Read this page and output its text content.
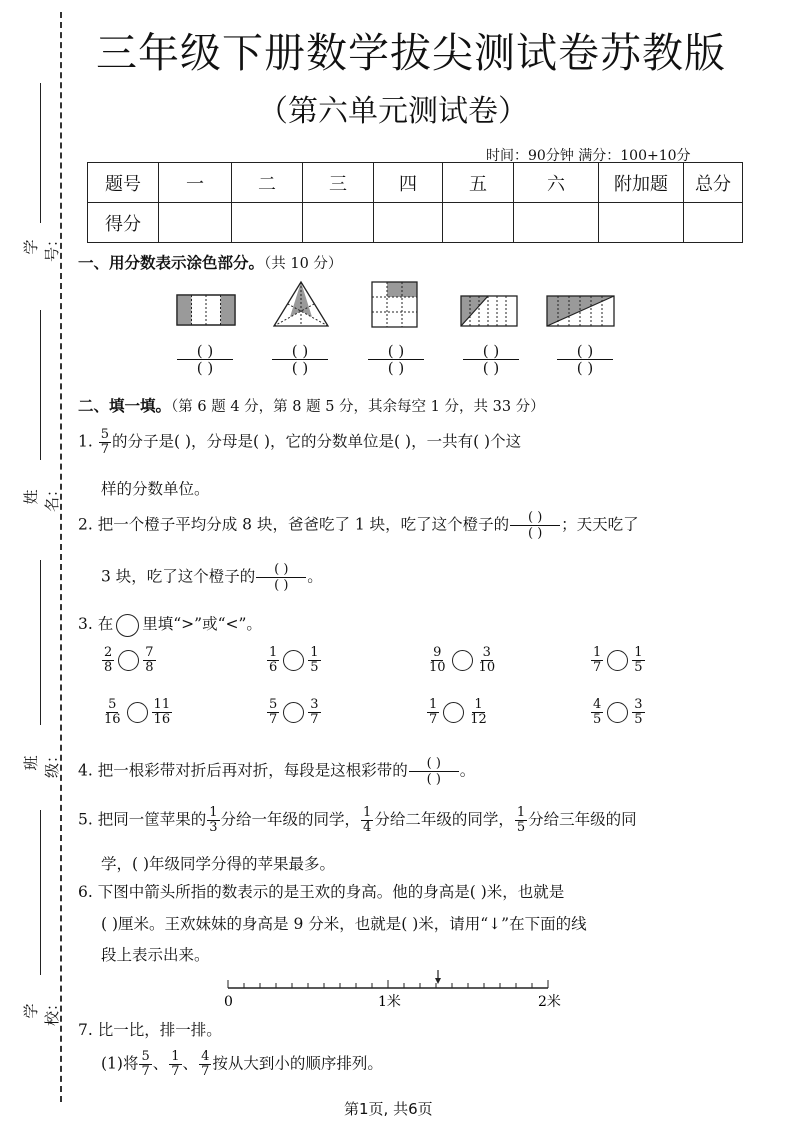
学号：
姓名：
班级：
学校：
三年级下册数学拔尖测试卷苏教版
（第六单元测试卷）
时间：90分钟 满分：100+10分
题号	一	二	三	四	五	六	附加题	总分
得分								
一、用分数表示涂色部分。（共 10 分）
( )
( )
( )
( )
( )
( )
( )
( )
( )
( )
二、填一填。（第 6 题 4 分，第 8 题 5 分，其余每空 1 分，共 33 分）
1. $\frac{5}{7}$ 的分子是( )，分母是( )，它的分数单位是( )，一共有( )个这
样的分数单位。
2. 把一个橙子平均分成 8 块，爸爸吃了 1 块，吃了这个橙子的	( )
( )	；天天吃了
3 块，吃了这个橙子的	( )
( )	。
3. 在 里填“>”或“<”。
$\frac{2}{8} \frac{7}{8}$	$\frac{1}{6} \frac{1}{5}$	$\frac{9}{10} \frac{3}{10}$	$\frac{1}{7} \frac{1}{5}$
$\frac{5}{16} \frac{11}{16}$	$\frac{5}{7} \frac{3}{7}$	$\frac{1}{7} \frac{1}{12}$	$\frac{4}{5} \frac{3}{5}$
4. 把一根彩带对折后再对折，每段是这根彩带的	( )
( )	。
5. 把同一筐苹果的 $\frac{1}{3}$ 分给一年级的同学， $\frac{1}{4}$ 分给二年级的同学， $\frac{1}{5}$ 分给三年级的同
学，( )年级同学分得的苹果最多。
6. 下图中箭头所指的数表示的是王欢的身高。他的身高是( )米，也就是
( )厘米。王欢妹妹的身高是 9 分米，也就是( )米，请用“↓”在下面的线
段上表示出来。
0	1米	2米
7. 比一比，排一排。
(1)将 $\frac{5}{7}$ 、 $\frac{1}{7}$ 、 $\frac{4}{7}$ 按从大到小的顺序排列。
第1页, 共6页
